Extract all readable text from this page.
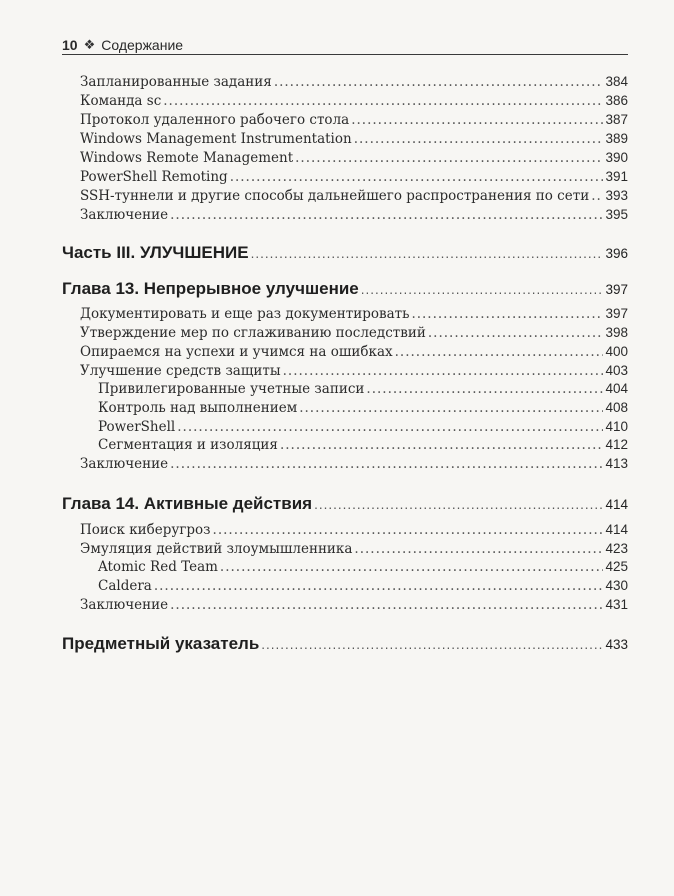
10 ❖ Содержание
Запланированные задания .....	384
Команда sc .....	386
Протокол удаленного рабочего стола .....	387
Windows Management Instrumentation .....	389
Windows Remote Management .....	390
PowerShell Remoting .....	391
SSH-туннели и другие способы дальнейшего распространения по сети ..... 393
Заключение .....	395
Часть III. УЛУЧШЕНИЕ .....	396
Глава 13. Непрерывное улучшение .....	397
Документировать и еще раз документировать .....	397
Утверждение мер по сглаживанию последствий .....	398
Опираемся на успехи и учимся на ошибках .....	400
Улучшение средств защиты .....	403
Привилегированные учетные записи .....	404
Контроль над выполнением .....	408
PowerShell .....	410
Сегментация и изоляция .....	412
Заключение .....	413
Глава 14. Активные действия .....	414
Поиск киберугроз .....	414
Эмуляция действий злоумышленника .....	423
Atomic Red Team .....	425
Caldera .....	430
Заключение .....	431
Предметный указатель .....	433
